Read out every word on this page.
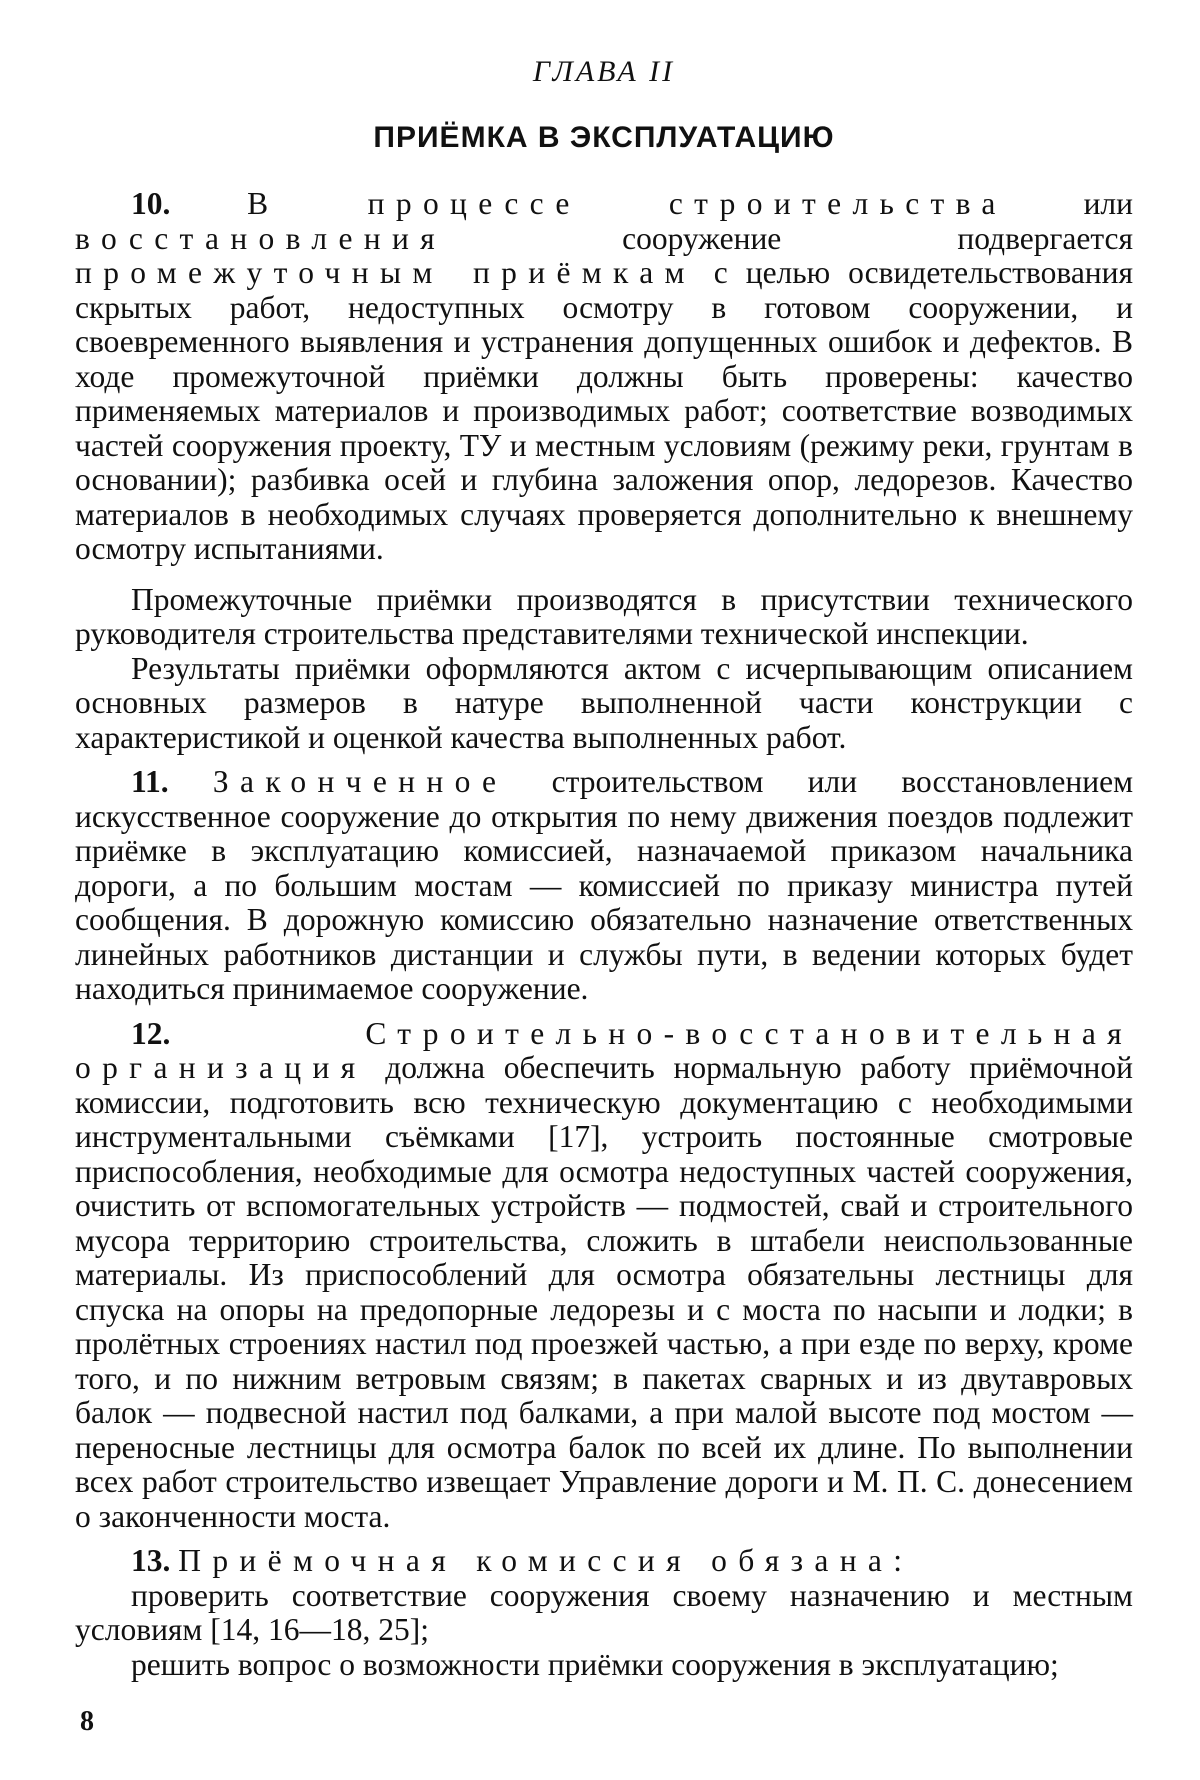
ГЛАВА II
ПРИЁМКА В ЭКСПЛУАТАЦИЮ

10. В процессе строительства или восстановления сооружение подвергается промежуточным приёмкам с целью освидетельствования скрытых работ, недоступных осмотру в готовом сооружении, и своевременного выявления и устранения допущенных ошибок и дефектов. В ходе промежуточной приёмки должны быть проверены: качество применяемых материалов и производимых работ; соответствие возводимых частей сооружения проекту, ТУ и местным условиям (режиму реки, грунтам в основании); разбивка осей и глубина заложения опор, ледорезов. Качество материалов в необходимых случаях проверяется дополнительно к внешнему осмотру испытаниями.

Промежуточные приёмки производятся в присутствии технического руководителя строительства представителями технической инспекции.

Результаты приёмки оформляются актом с исчерпывающим описанием основных размеров в натуре выполненной части конструкции с характеристикой и оценкой качества выполненных работ.

11. Законченное строительством или восстановлением искусственное сооружение до открытия по нему движения поездов подлежит приёмке в эксплуатацию комиссией, назначаемой приказом начальника дороги, а по большим мостам — комиссией по приказу министра путей сообщения. В дорожную комиссию обязательно назначение ответственных линейных работников дистанции и службы пути, в ведении которых будет находиться принимаемое сооружение.

12.	Строительно-восстановительная организация должна обеспечить нормальную работу приёмочной комиссии, подготовить всю техническую документацию с необходимыми инструментальными съёмками [17], устроить постоянные смотровые приспособления, необходимые для осмотра недоступных частей сооружения, очистить от вспомогательных устройств — подмостей, свай и строительного мусора территорию строительства, сложить в штабели неиспользованные материалы. Из приспособлений для осмотра обязательны лестницы для спуска на опоры на предопорные ледорезы и с моста по насыпи и лодки; в пролётных строениях настил под проезжей частью, а при езде по верху, кроме того, и по нижним ветровым связям; в пакетах сварных и из двутавровых балок — подвесной настил под балками, а при малой высоте под мостом — переносные лестницы для осмотра балок по всей их длине. По выполнении всех работ строительство извещает Управление дороги и М. П. С. донесением о законченности моста.

13. Приёмочная комиссия обязана:

проверить соответствие сооружения своему назначению и местным условиям [14, 16—18, 25];

решить вопрос о возможности приёмки сооружения в эксплуатацию;

8
